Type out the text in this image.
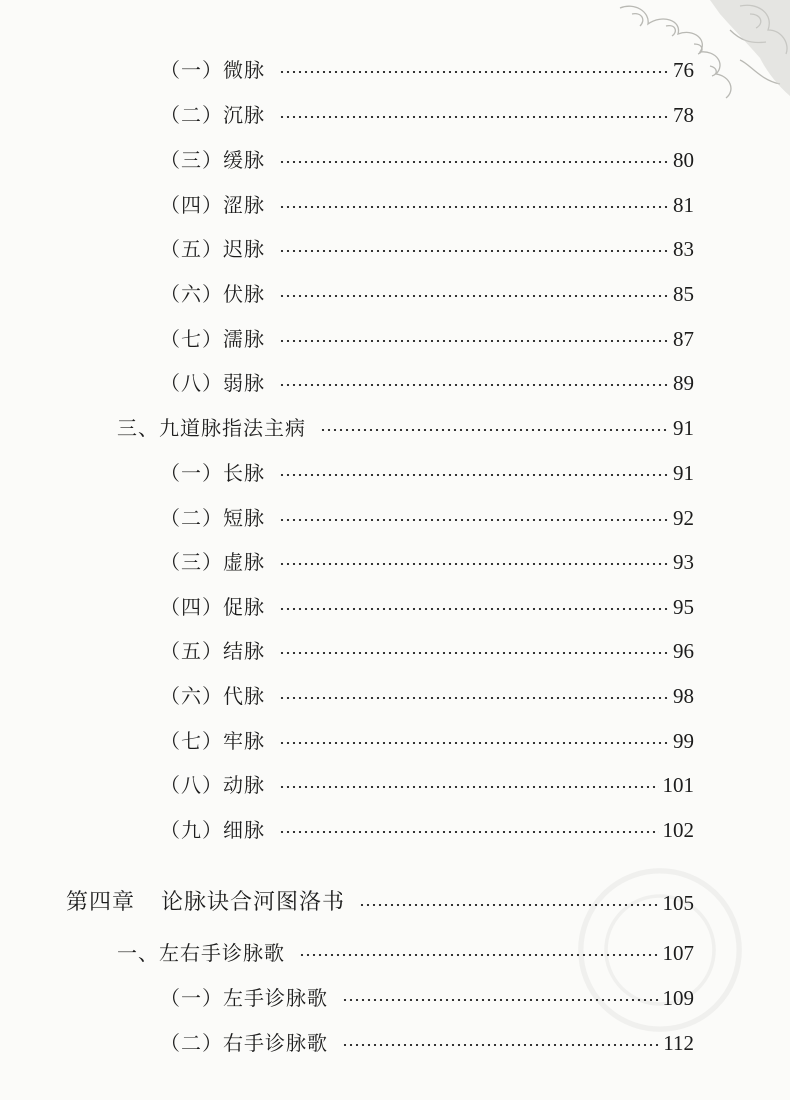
（一）微脉	76
（二）沉脉	78
（三）缓脉	80
（四）涩脉	81
（五）迟脉	83
（六）伏脉	85
（七）濡脉	87
（八）弱脉	89
三、九道脉指法主病	91
（一）长脉	91
（二）短脉	92
（三）虚脉	93
（四）促脉	95
（五）结脉	96
（六）代脉	98
（七）牢脉	99
（八）动脉	101
（九）细脉	102
第四章 论脉诀合河图洛书	105
一、左右手诊脉歌	107
（一）左手诊脉歌	109
（二）右手诊脉歌	112
